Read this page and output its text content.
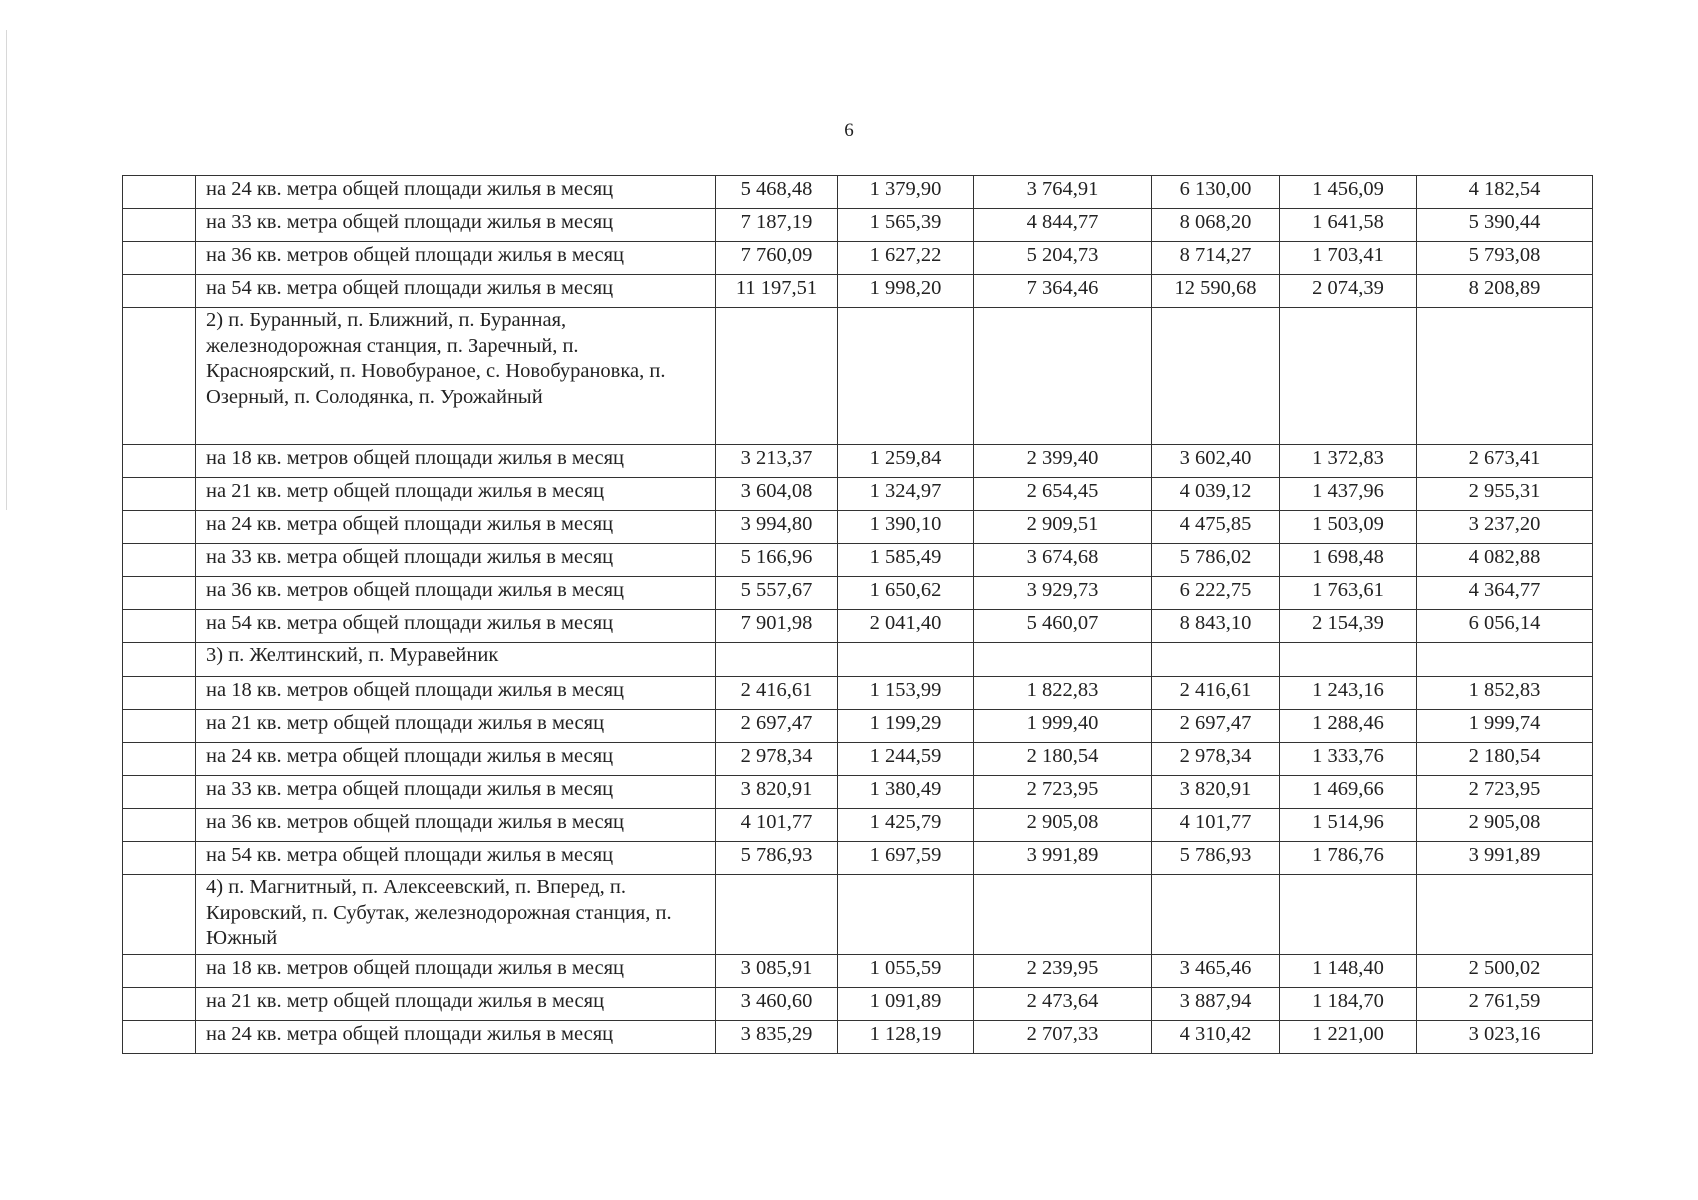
6
	на 24 кв. метра общей площади жилья в месяц	5 468,48	1 379,90	3 764,91	6 130,00	1 456,09	4 182,54
	на 33 кв. метра общей площади жилья в месяц	7 187,19	1 565,39	4 844,77	8 068,20	1 641,58	5 390,44
	на 36 кв. метров общей площади жилья в месяц	7 760,09	1 627,22	5 204,73	8 714,27	1 703,41	5 793,08
	на 54 кв. метра общей площади жилья в месяц	11 197,51	1 998,20	7 364,46	12 590,68	2 074,39	8 208,89
	2) п. Буранный, п. Ближний, п. Буранная, железнодорожная станция, п. Заречный, п. Красноярский, п. Новобураное, с. Новобурановка, п. Озерный, п. Солодянка, п. Урожайный						
	на 18 кв. метров общей площади жилья в месяц	3 213,37	1 259,84	2 399,40	3 602,40	1 372,83	2 673,41
	на 21 кв. метр общей площади жилья в месяц	3 604,08	1 324,97	2 654,45	4 039,12	1 437,96	2 955,31
	на 24 кв. метра общей площади жилья в месяц	3 994,80	1 390,10	2 909,51	4 475,85	1 503,09	3 237,20
	на 33 кв. метра общей площади жилья в месяц	5 166,96	1 585,49	3 674,68	5 786,02	1 698,48	4 082,88
	на 36 кв. метров общей площади жилья в месяц	5 557,67	1 650,62	3 929,73	6 222,75	1 763,61	4 364,77
	на 54 кв. метра общей площади жилья в месяц	7 901,98	2 041,40	5 460,07	8 843,10	2 154,39	6 056,14
	3) п. Желтинский, п. Муравейник						
	на 18 кв. метров общей площади жилья в месяц	2 416,61	1 153,99	1 822,83	2 416,61	1 243,16	1 852,83
	на 21 кв. метр общей площади жилья в месяц	2 697,47	1 199,29	1 999,40	2 697,47	1 288,46	1 999,74
	на 24 кв. метра общей площади жилья в месяц	2 978,34	1 244,59	2 180,54	2 978,34	1 333,76	2 180,54
	на 33 кв. метра общей площади жилья в месяц	3 820,91	1 380,49	2 723,95	3 820,91	1 469,66	2 723,95
	на 36 кв. метров общей площади жилья в месяц	4 101,77	1 425,79	2 905,08	4 101,77	1 514,96	2 905,08
	на 54 кв. метра общей площади жилья в месяц	5 786,93	1 697,59	3 991,89	5 786,93	1 786,76	3 991,89
	4) п. Магнитный, п. Алексеевский, п. Вперед, п. Кировский, п. Субутак, железнодорожная станция, п. Южный						
	на 18 кв. метров общей площади жилья в месяц	3 085,91	1 055,59	2 239,95	3 465,46	1 148,40	2 500,02
	на 21 кв. метр общей площади жилья в месяц	3 460,60	1 091,89	2 473,64	3 887,94	1 184,70	2 761,59
	на 24 кв. метра общей площади жилья в месяц	3 835,29	1 128,19	2 707,33	4 310,42	1 221,00	3 023,16
